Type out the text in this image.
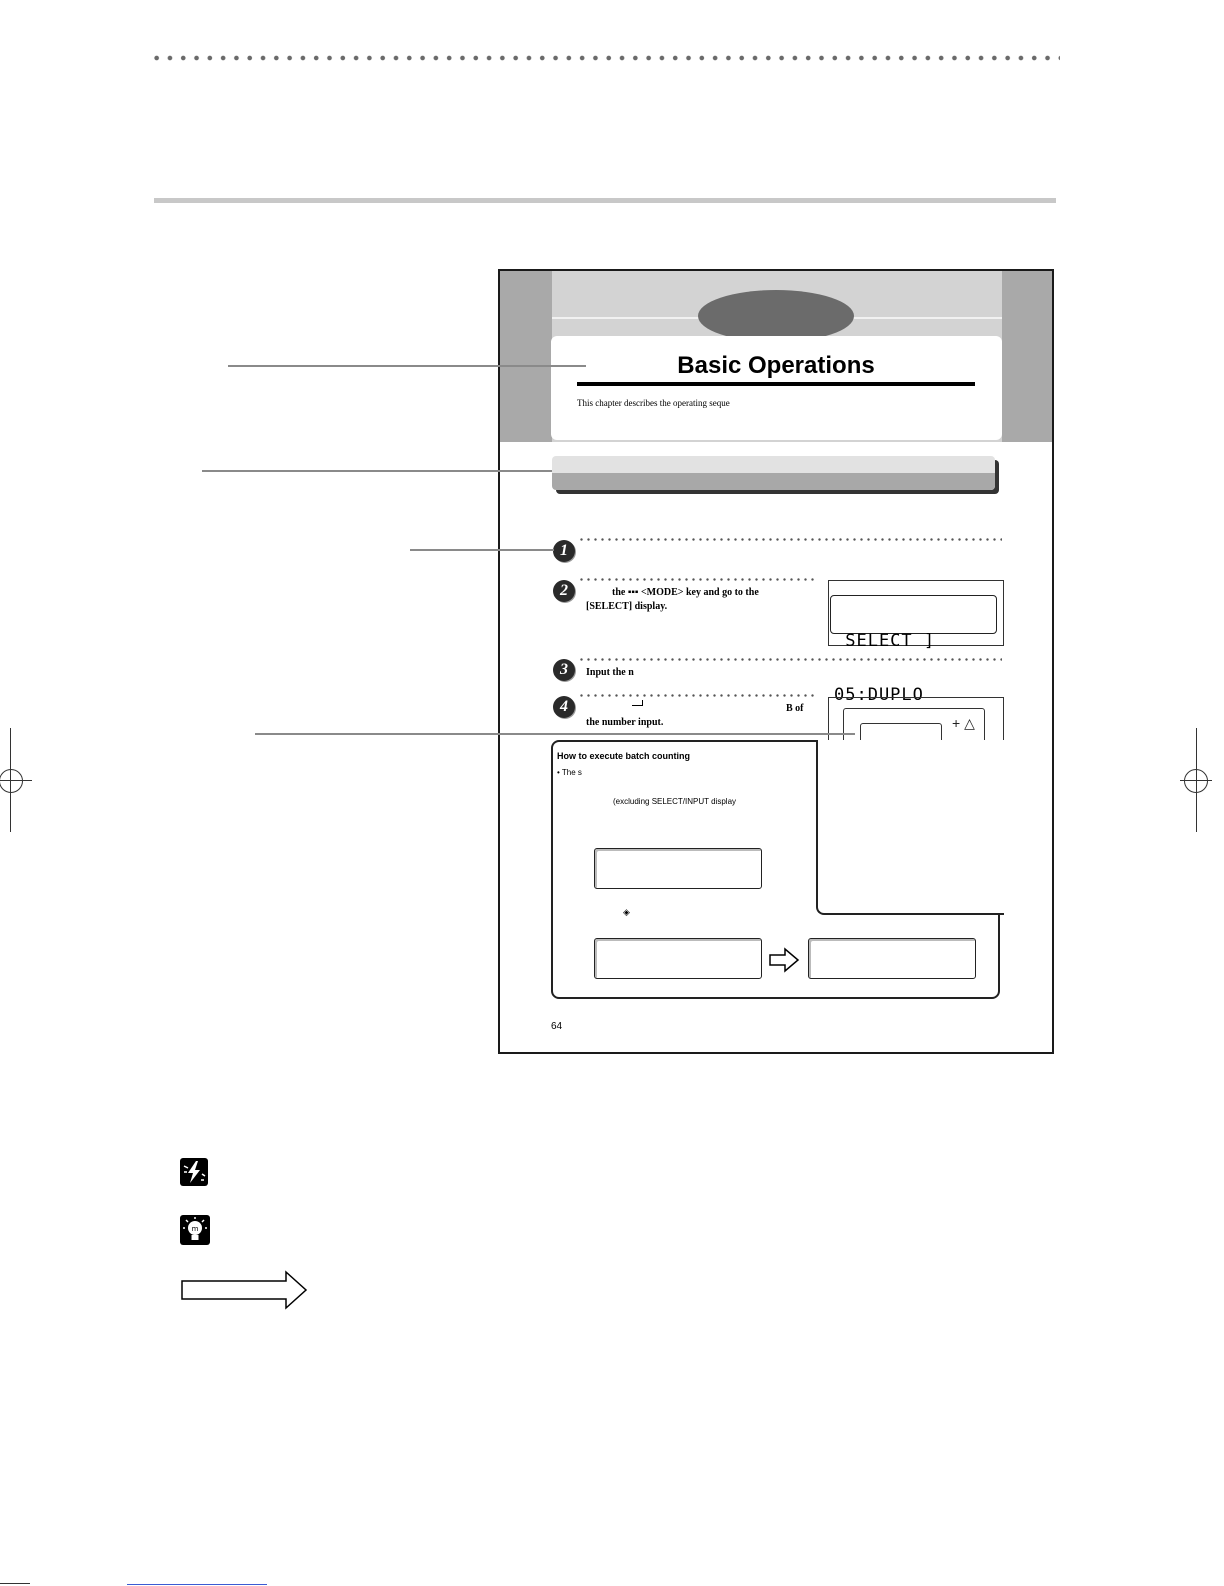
Basic Operations
This chapter describes the operating seque
1
2	the ▪▪▪ <MODE> key and go to the
[SELECT] display.

SELECT ]

05:DUPLO

3	Input the n
4	B of
the number input.	+ △

How to execute batch counting
• The s
(excluding SELECT/INPUT display
◈
64
m
